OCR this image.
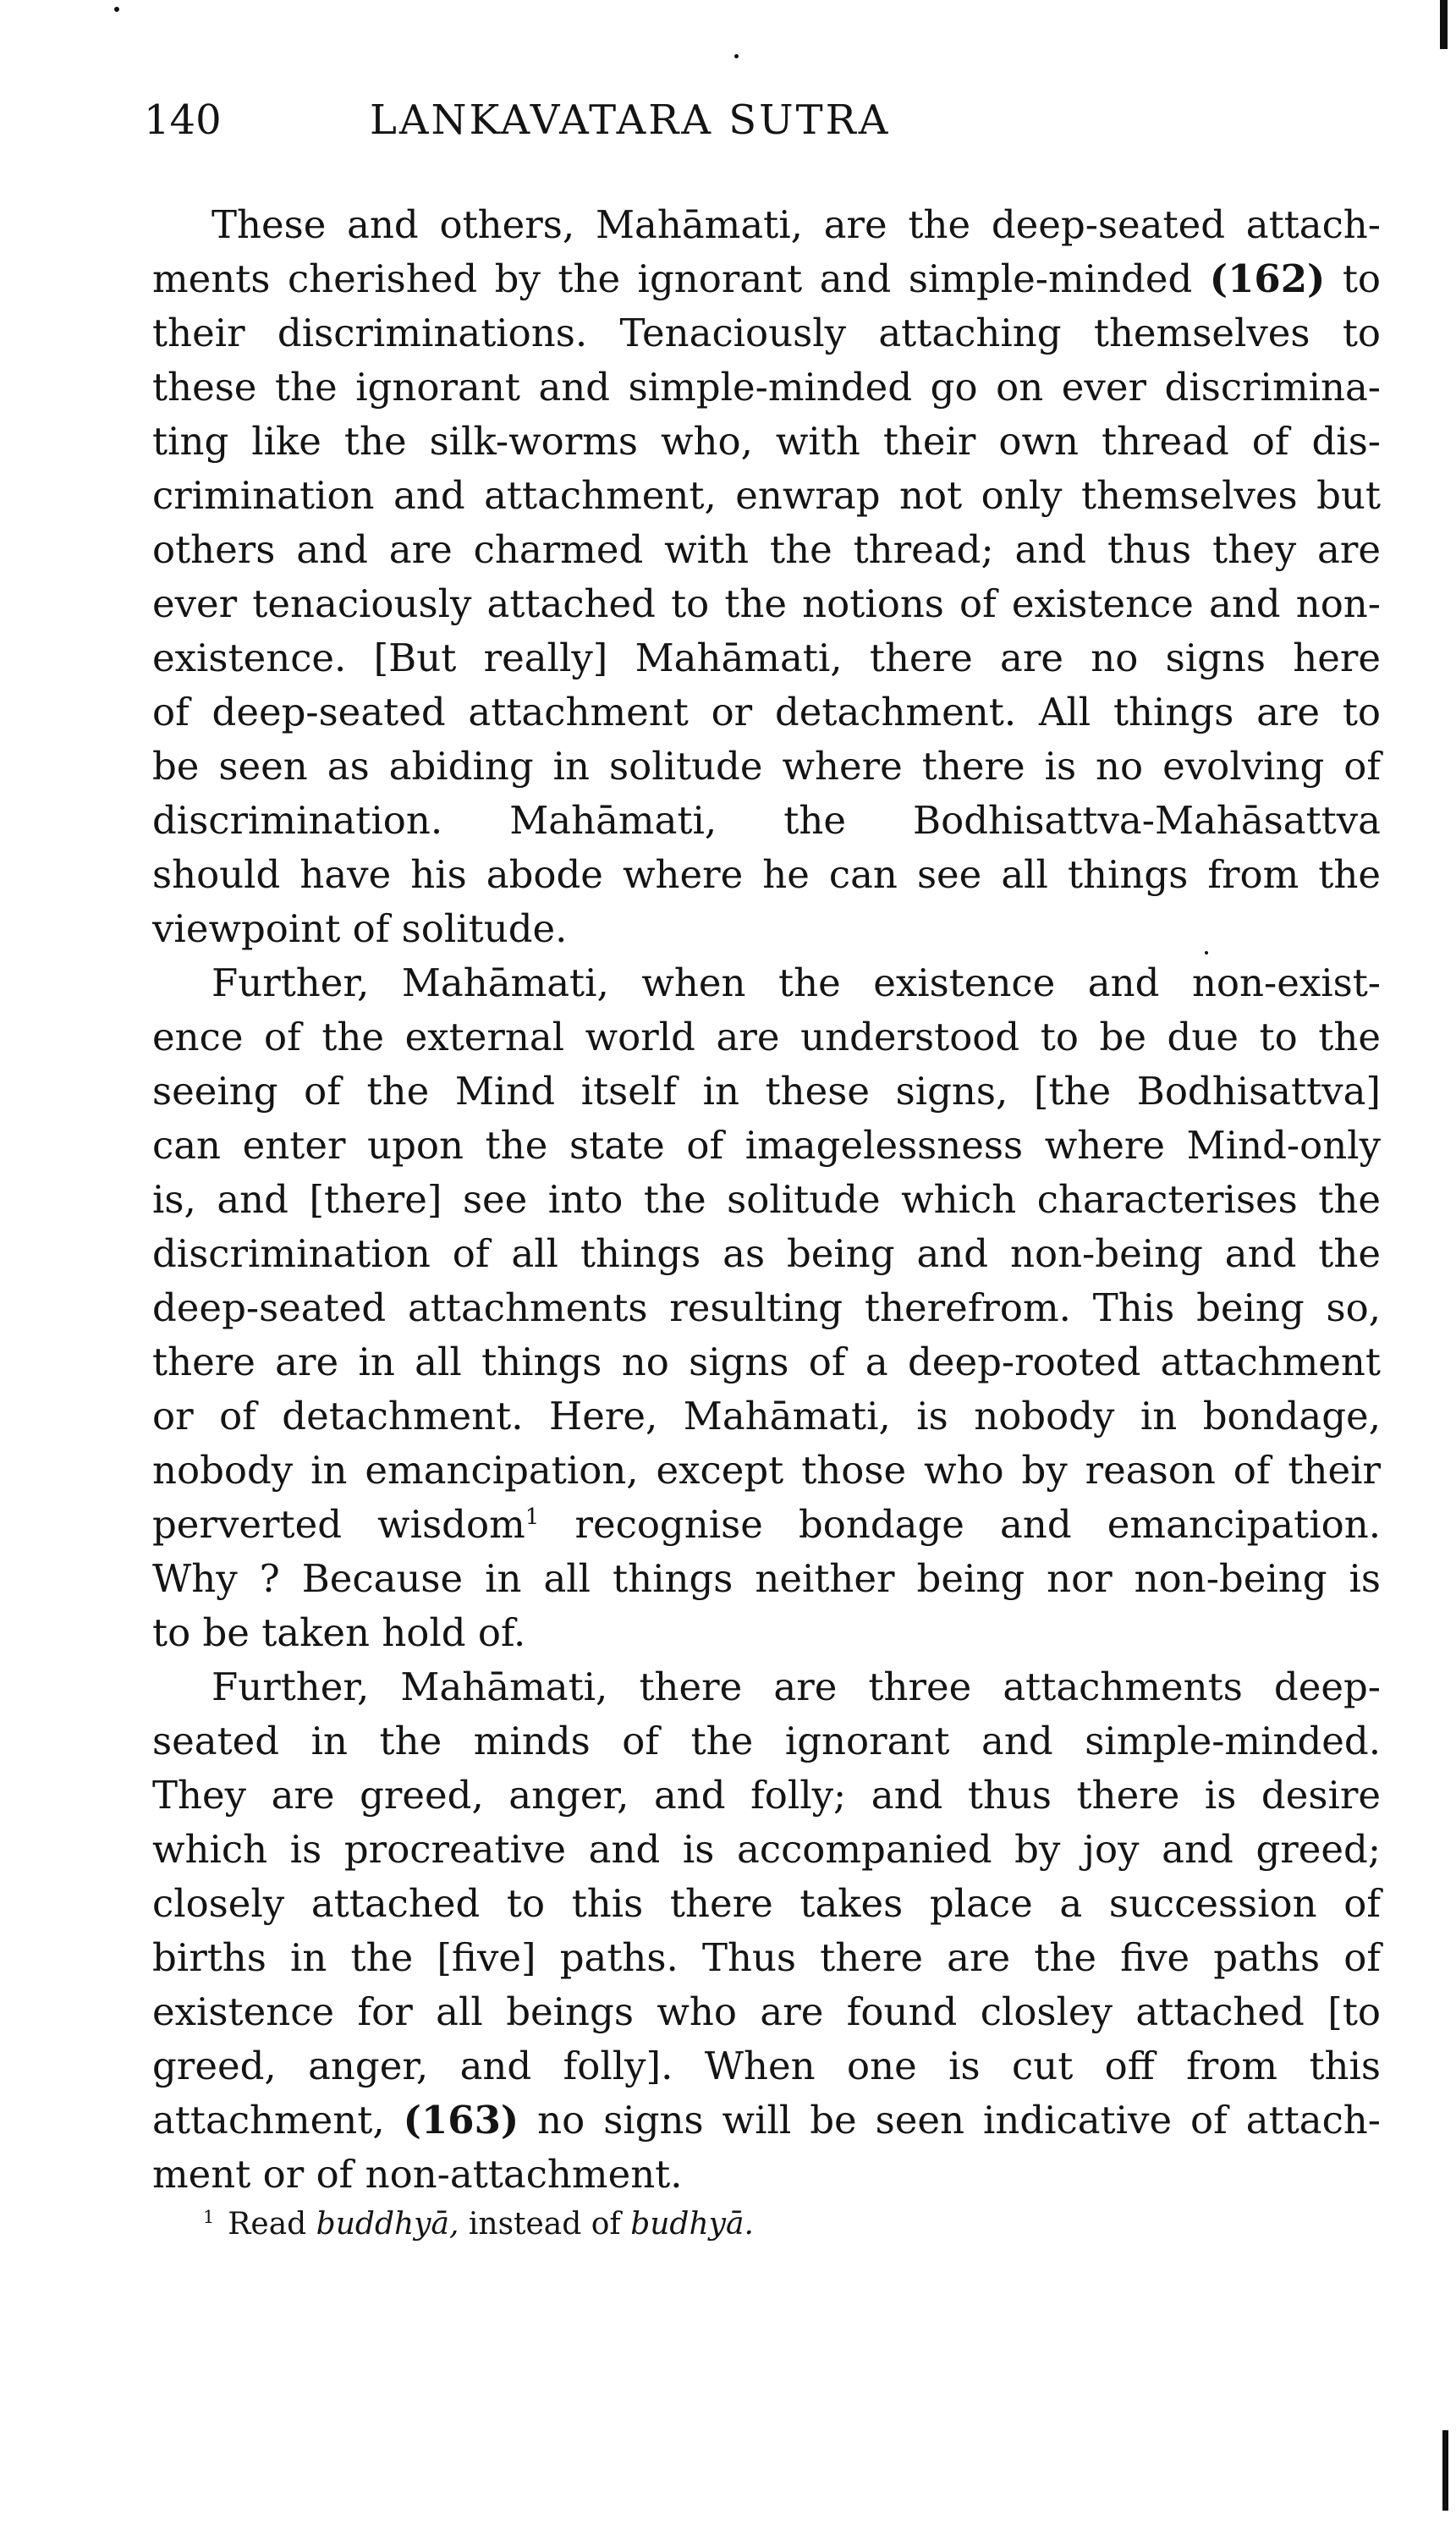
140	LANKAVATARA SUTRA
These and others, Mahāmati, are the deep-seated attach-
ments cherished by the ignorant and simple-minded (162) to
their discriminations. Tenaciously attaching themselves to
these the ignorant and simple-minded go on ever discrimina-
ting like the silk-worms who, with their own thread of dis-
crimination and attachment, enwrap not only themselves but
others and are charmed with the thread; and thus they are
ever tenaciously attached to the notions of existence and non-
existence. [But really] Mahāmati, there are no signs here
of deep-seated attachment or detachment. All things are to
be seen as abiding in solitude where there is no evolving of
discrimination. Mahāmati, the Bodhisattva-Mahāsattva
should have his abode where he can see all things from the
viewpoint of solitude.
Further, Mahāmati, when the existence and non-exist-
ence of the external world are understood to be due to the
seeing of the Mind itself in these signs, [the Bodhisattva]
can enter upon the state of imagelessness where Mind-only
is, and [there] see into the solitude which characterises the
discrimination of all things as being and non-being and the
deep-seated attachments resulting therefrom. This being so,
there are in all things no signs of a deep-rooted attachment
or of detachment. Here, Mahāmati, is nobody in bondage,
nobody in emancipation, except those who by reason of their
perverted wisdom$^1$ recognise bondage and emancipation.
Why ? Because in all things neither being nor non-being is
to be taken hold of.
Further, Mahāmati, there are three attachments deep-
seated in the minds of the ignorant and simple-minded.
They are greed, anger, and folly; and thus there is desire
which is procreative and is accompanied by joy and greed;
closely attached to this there takes place a succession of
births in the [five] paths. Thus there are the five paths of
existence for all beings who are found closley attached [to
greed, anger, and folly]. When one is cut off from this
attachment, (163) no signs will be seen indicative of attach-
ment or of non-attachment.
$^1$ Read buddhyā, instead of budhyā.
